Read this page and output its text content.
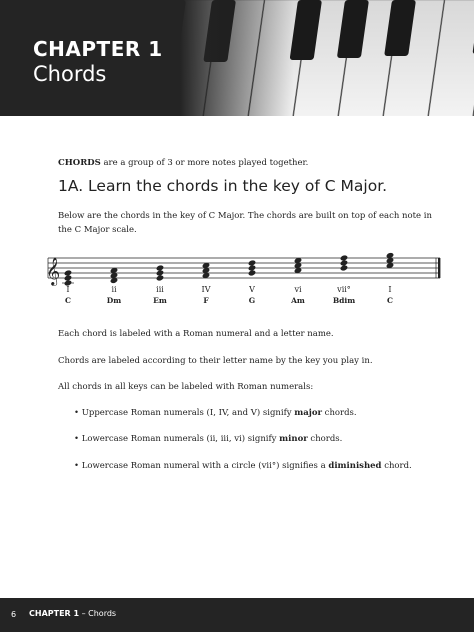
CHAPTER 1
Chords
CHORDS are a group of 3 or more notes played together.
1A. Learn the chords in the key of C Major.
Below are the chords in the key of C Major. The chords are built on top of each note in the C Major scale.
𝄞
I
C
ii
Dm
iii
Em
IV
F
V
G
vi
Am
vii°
Bdim
I
C
Each chord is labeled with a Roman numeral and a letter name.
Chords are labeled according to their letter name by the key you play in.
All chords in all keys can be labeled with Roman numerals:
• Uppercase Roman numerals (I, IV, and V) signify major chords.
• Lowercase Roman numerals (ii, iii, vi) signify minor chords.
• Lowercase Roman numeral with a circle (vii°) signifies a diminished chord.
6 CHAPTER 1 – Chords
